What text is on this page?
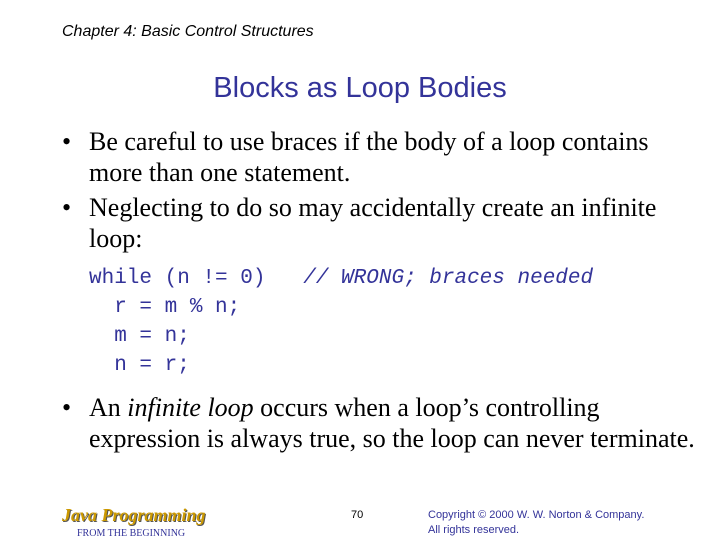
Chapter 4: Basic Control Structures
Blocks as Loop Bodies
• Be careful to use braces if the body of a loop contains more than one statement.
• Neglecting to do so may accidentally create an infinite loop:
while (n != 0)   // WRONG; braces needed
r = m % n;
m = n;
n = r;
• An infinite loop occurs when a loop’s controlling expression is always true, so the loop can never terminate.
Java Programming
FROM THE BEGINNING
70	Copyright © 2000 W. W. Norton & Company.
All rights reserved.
